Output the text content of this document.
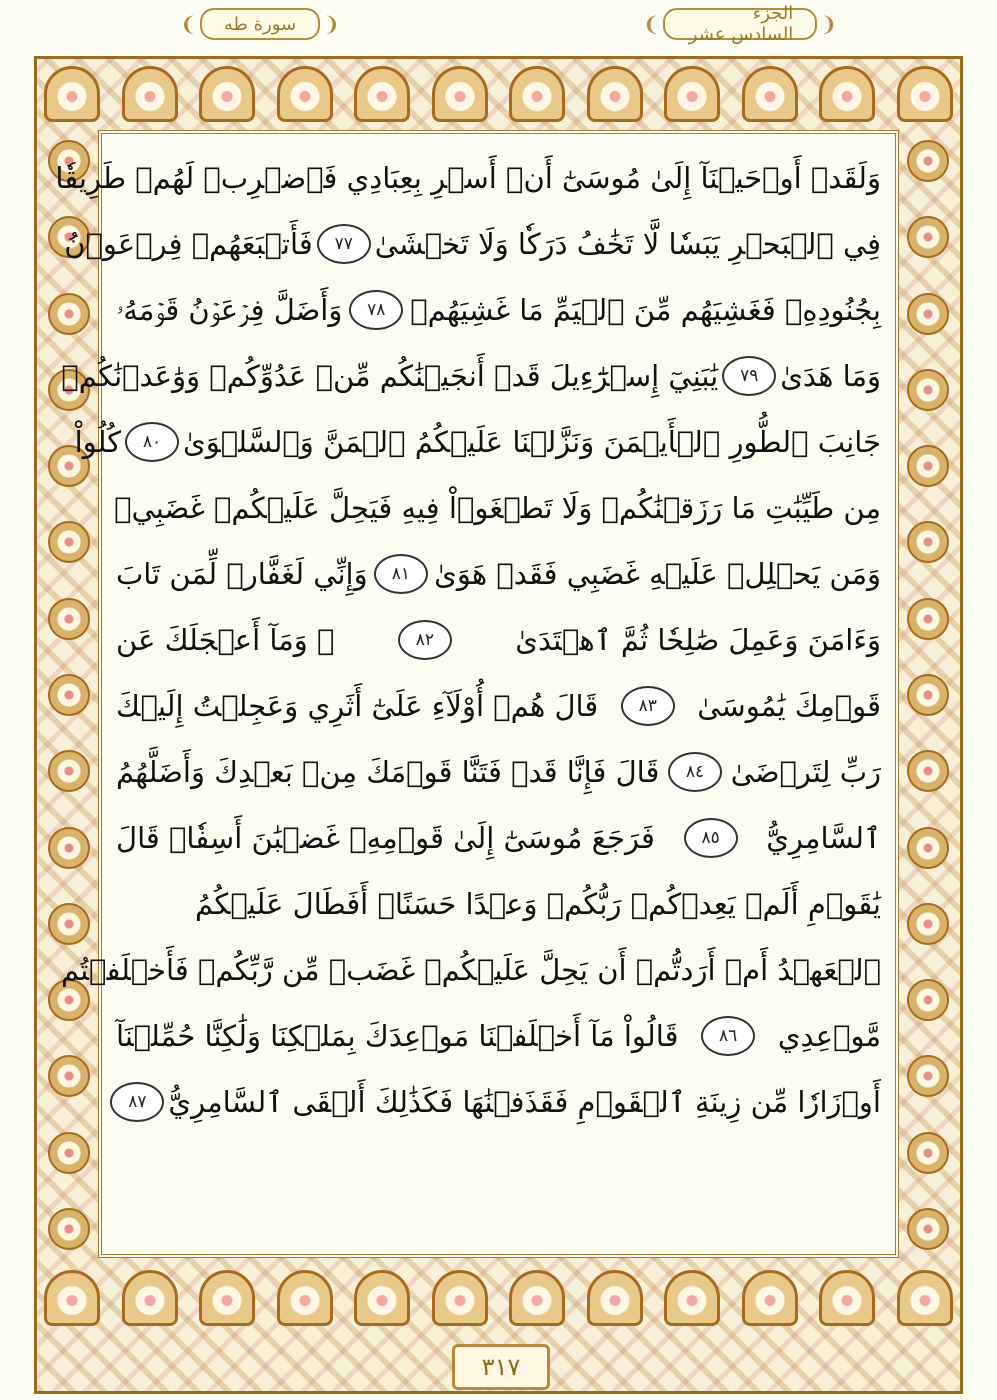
❨	سورة طه	❩	❨	الجزء السادس عشر	❩
وَلَقَدۡ أَوۡحَيۡنَآ إِلَىٰ مُوسَىٰٓ أَنۡ أَسۡرِ بِعِبَادِي فَٱضۡرِبۡ لَهُمۡ طَرِيقٗا
فِي ٱلۡبَحۡرِ يَبَسٗا لَّا تَخَٰفُ دَرَكٗا وَلَا تَخۡشَىٰ
٧٧
فَأَتۡبَعَهُمۡ فِرۡعَوۡنُ
بِجُنُودِهِۦ فَغَشِيَهُم مِّنَ ٱلۡيَمِّ مَا غَشِيَهُمۡ
٧٨
وَأَضَلَّ فِرۡعَوۡنُ قَوۡمَهُۥ
وَمَا هَدَىٰ
٧٩
يَٰبَنِيٓ إِسۡرَٰٓءِيلَ قَدۡ أَنجَيۡنَٰكُم مِّنۡ عَدُوِّكُمۡ وَوَٰعَدۡنَٰكُمۡ
جَانِبَ ٱلطُّورِ ٱلۡأَيۡمَنَ وَنَزَّلۡنَا عَلَيۡكُمُ ٱلۡمَنَّ وَٱلسَّلۡوَىٰ
٨٠
كُلُواْ
مِن طَيِّبَٰتِ مَا رَزَقۡنَٰكُمۡ وَلَا تَطۡغَوۡاْ فِيهِ فَيَحِلَّ عَلَيۡكُمۡ غَضَبِيۖ
وَمَن يَحۡلِلۡ عَلَيۡهِ غَضَبِي فَقَدۡ هَوَىٰ
٨١
وَإِنِّي لَغَفَّارٞ لِّمَن تَابَ
وَءَامَنَ وَعَمِلَ صَٰلِحٗا ثُمَّ ٱهۡتَدَىٰ
٨٢
۞ وَمَآ أَعۡجَلَكَ عَن
قَوۡمِكَ يَٰمُوسَىٰ
٨٣
قَالَ هُمۡ أُوْلَآءِ عَلَىٰٓ أَثَرِي وَعَجِلۡتُ إِلَيۡكَ
رَبِّ لِتَرۡضَىٰ
٨٤
قَالَ فَإِنَّا قَدۡ فَتَنَّا قَوۡمَكَ مِنۢ بَعۡدِكَ وَأَضَلَّهُمُ
ٱلسَّامِرِيُّ
٨٥
فَرَجَعَ مُوسَىٰٓ إِلَىٰ قَوۡمِهِۦ غَضۡبَٰنَ أَسِفٗاۚ قَالَ
يَٰقَوۡمِ أَلَمۡ يَعِدۡكُمۡ رَبُّكُمۡ وَعۡدًا حَسَنًاۚ أَفَطَالَ عَلَيۡكُمُ
ٱلۡعَهۡدُ أَمۡ أَرَدتُّمۡ أَن يَحِلَّ عَلَيۡكُمۡ غَضَبٞ مِّن رَّبِّكُمۡ فَأَخۡلَفۡتُم
مَّوۡعِدِي
٨٦
قَالُواْ مَآ أَخۡلَفۡنَا مَوۡعِدَكَ بِمَلۡكِنَا وَلَٰكِنَّا حُمِّلۡنَآ
أَوۡزَارٗا مِّن زِينَةِ ٱلۡقَوۡمِ فَقَذَفۡنَٰهَا فَكَذَٰلِكَ أَلۡقَى ٱلسَّامِرِيُّ
٨٧
٣١٧
